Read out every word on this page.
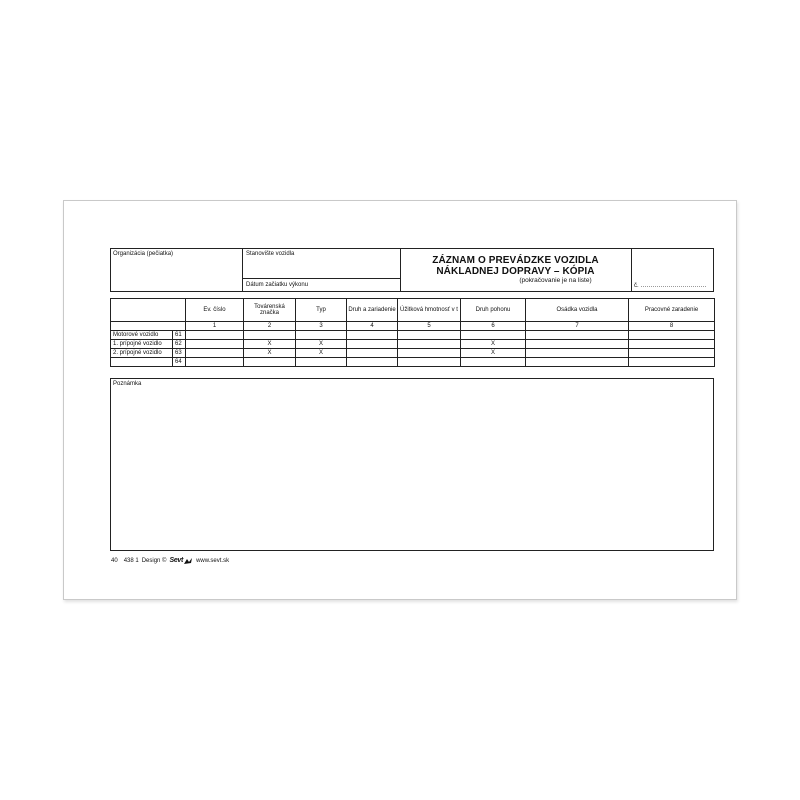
Organizácia (pečiatka)	Stanovište vozidla
Dátum začiatku výkonu	č. ……………………………
ZÁZNAM O PREVÁDZKE VOZIDLA
NÁKLADNEJ DOPRAVY – KÓPIA
(pokračovanie je na liste)
		Ev. číslo	Továrenská značka	Typ	Druh a zariadenie	Úžitková hmotnosť v t	Druh pohonu	Osádka vozidla	Pracovné zaradenie
		1	2	3	4	5	6	7	8
Motorové vozidlo	61								
1. prípojné vozidlo	62		X	X			X		
2. prípojné vozidlo	63		X	X			X		
	64								
Poznámka
40 438 1 Design © Sevt www.sevt.sk
